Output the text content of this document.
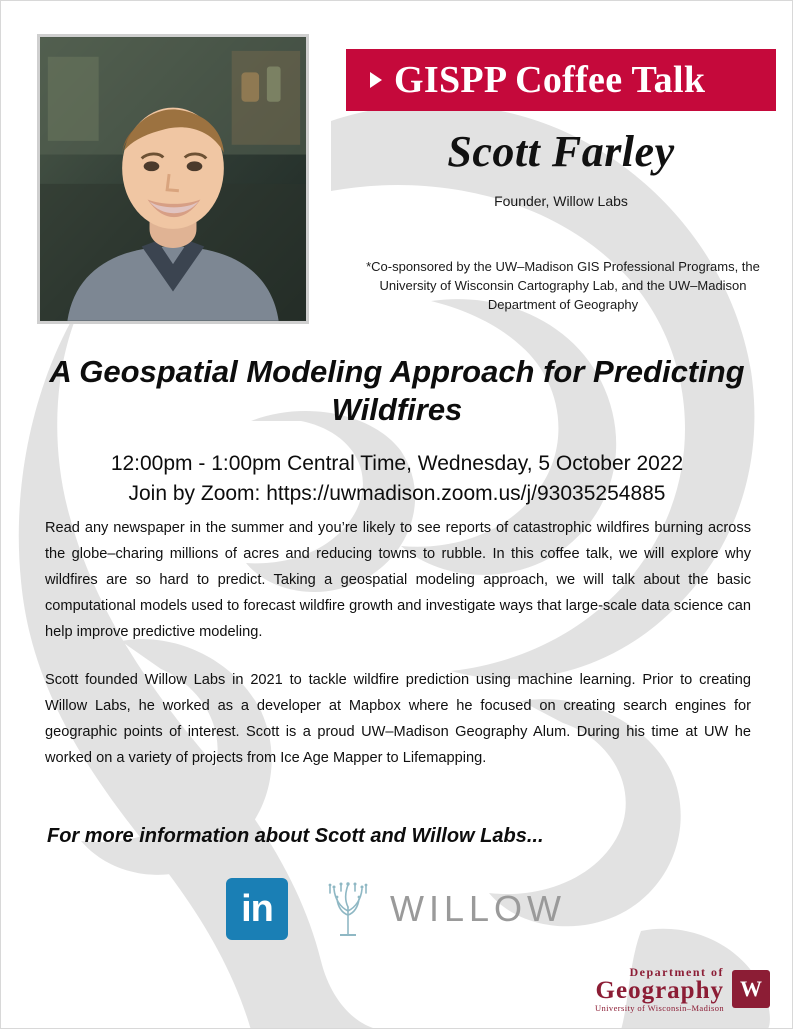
GISPP Coffee Talk
Scott Farley
Founder, Willow Labs
*Co-sponsored by the UW–Madison GIS Professional Programs, the University of Wisconsin Cartography Lab, and the UW–Madison Department of Geography
A Geospatial Modeling Approach for Predicting Wildfires
12:00pm - 1:00pm Central Time, Wednesday, 5 October 2022
Join by Zoom: https://uwmadison.zoom.us/j/93035254885

Read any newspaper in the summer and you’re likely to see reports of catastrophic wildfires burning across the globe–charing millions of acres and reducing towns to rubble. In this coffee talk, we will explore why wildfires are so hard to predict. Taking a geospatial modeling approach, we will talk about the basic computational models used to forecast wildfire growth and investigate ways that large-scale data science can help improve predictive modeling.

Scott founded Willow Labs in 2021 to tackle wildfire prediction using machine learning. Prior to creating Willow Labs, he worked as a developer at Mapbox where he focused on creating search engines for geographic points of interest. Scott is a proud UW–Madison Geography Alum. During his time at UW he worked on a variety of projects from Ice Age Mapper to Lifemapping.

For more information about Scott and Willow Labs...
in	WILLOW
Department of
Geography
University of Wisconsin–Madison
W
